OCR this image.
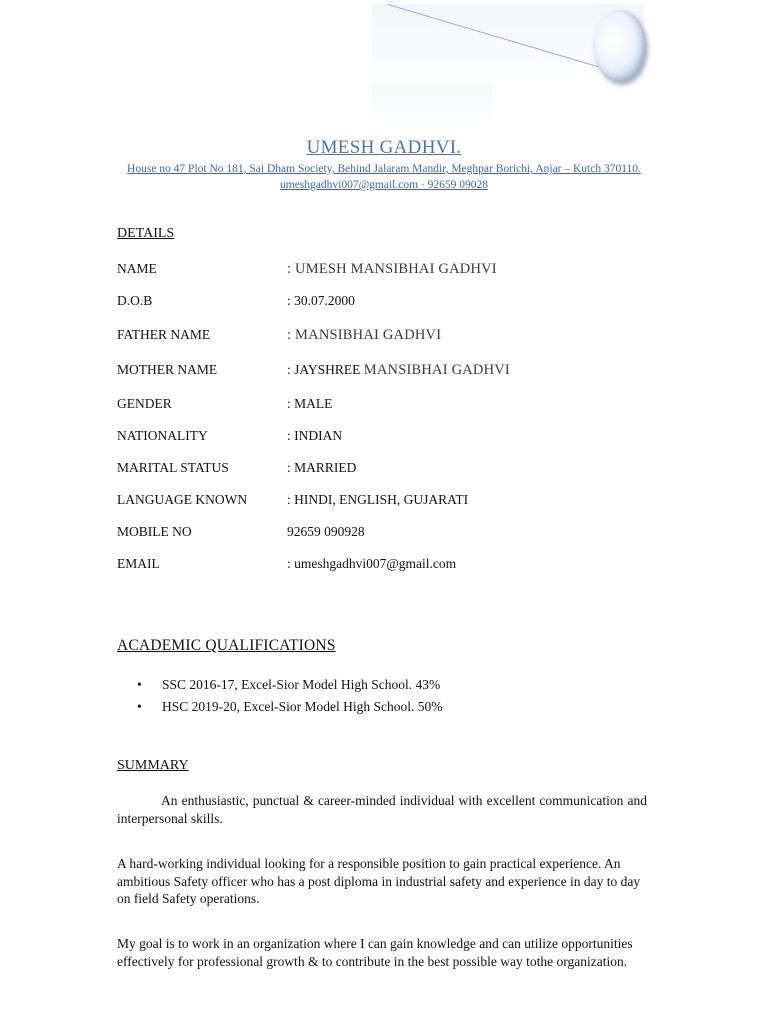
UMESH GADHVI.
House no 47 Plot No 181, Sai Dham Society, Behind Jalaram Mandir, Meghpar Borichi, Anjar – Kutch 370110.
umeshgadhvi007@gmail.com · 92659 09028
DETAILS
NAME	: UMESH MANSIBHAI GADHVI
D.O.B	: 30.07.2000
FATHER NAME	: MANSIBHAI GADHVI
MOTHER NAME	: JAYSHREE MANSIBHAI GADHVI
GENDER	: MALE
NATIONALITY	: INDIAN
MARITAL STATUS	: MARRIED
LANGUAGE KNOWN	: HINDI, ENGLISH, GUJARATI
MOBILE NO	92659 090928
EMAIL	: umeshgadhvi007@gmail.com
ACADEMIC QUALIFICATIONS
• SSC 2016-17, Excel-Sior Model High School. 43%
• HSC 2019-20, Excel-Sior Model High School. 50%
SUMMARY

An enthusiastic, punctual & career-minded individual with excellent communication and interpersonal skills.

A hard-working individual looking for a responsible position to gain practical experience. An ambitious Safety officer who has a post diploma in industrial safety and experience in day to day on field Safety operations.

My goal is to work in an organization where I can gain knowledge and can utilize opportunities effectively for professional growth & to contribute in the best possible way tothe organization.
